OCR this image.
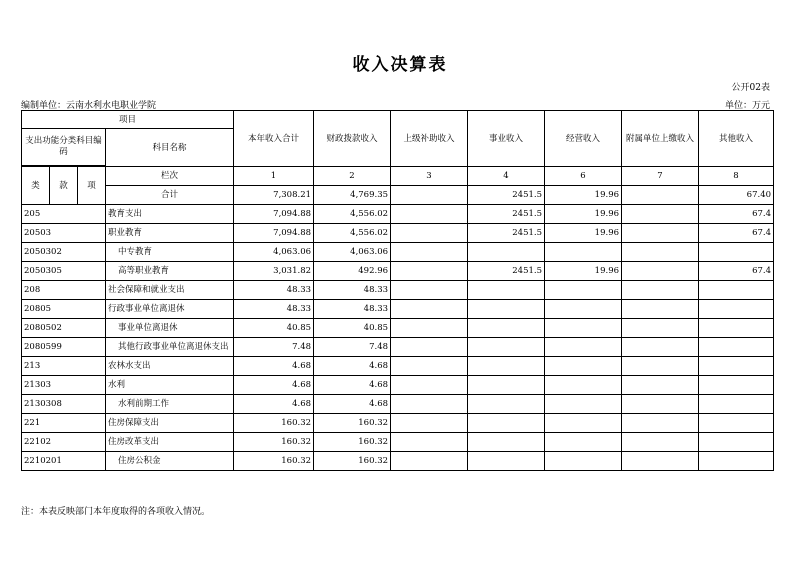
收入决算表
公开02表
编制单位：云南水利水电职业学院	单位：万元
项目				本年收入合计	财政拨款收入	上级补助收入	事业收入	经营收入	附属单位上缴收入	其他收入
支出功能分类科目编码			科目名称							

类	款	项	栏次	1	2	3	4	6	7	8
			合计	7,308.21	4,769.35		2451.5	19.96		67.40
205			教育支出	7,094.88	4,556.02		2451.5	19.96		67.4
20503			职业教育	7,094.88	4,556.02		2451.5	19.96		67.4
2050302			中专教育	4,063.06	4,063.06					
2050305			高等职业教育	3,031.82	492.96		2451.5	19.96		67.4
208			社会保障和就业支出	48.33	48.33					
20805			行政事业单位离退休	48.33	48.33					
2080502			事业单位离退休	40.85	40.85					
2080599			其他行政事业单位离退休支出	7.48	7.48					
213			农林水支出	4.68	4.68					
21303			水利	4.68	4.68					
2130308			水利前期工作	4.68	4.68					
221			住房保障支出	160.32	160.32					
22102			住房改革支出	160.32	160.32					
2210201			住房公积金	160.32	160.32					
注：本表反映部门本年度取得的各项收入情况。
